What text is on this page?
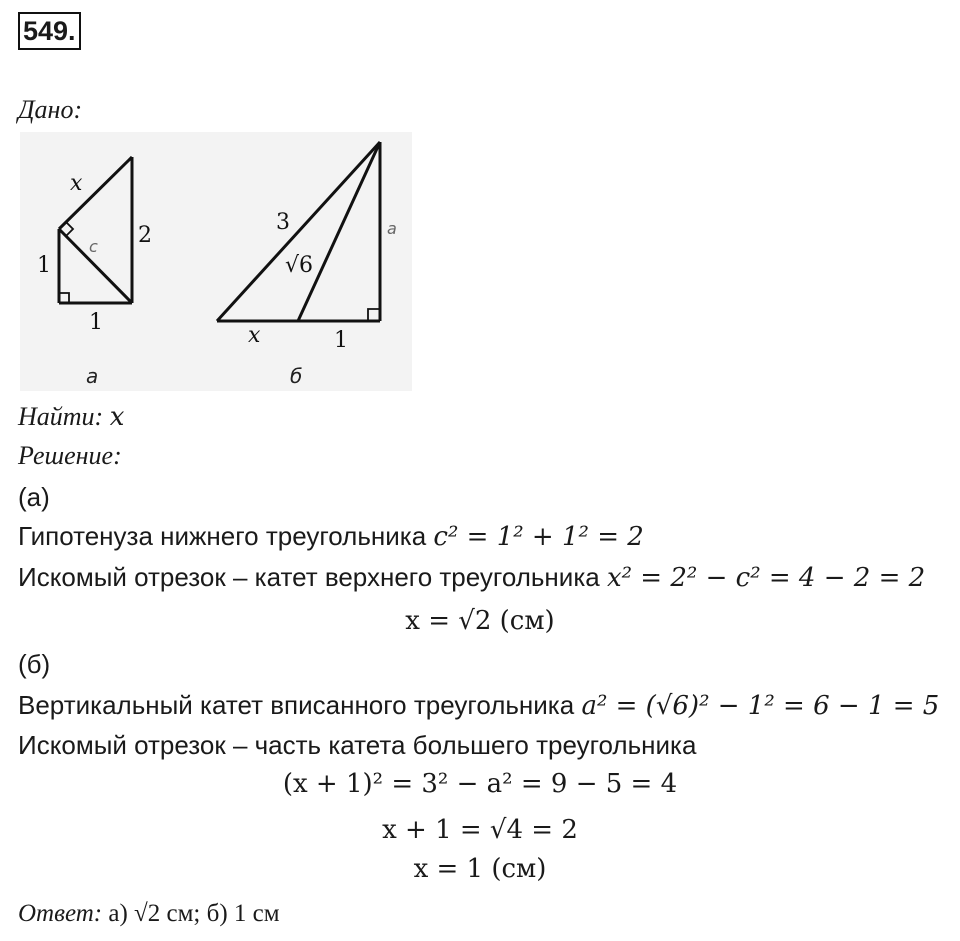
549.
Дано:
x
2
c
1
1
а
3
√6
a
x	1
б
Найти: x
Решение:
(а)
Гипотенуза нижнего треугольника c² = 1² + 1² = 2
Искомый отрезок – катет верхнего треугольника x² = 2² − c² = 4 − 2 = 2
x = √2 (см)
(б)
Вертикальный катет вписанного треугольника a² = (√6)² − 1² = 6 − 1 = 5
Искомый отрезок – часть катета большего треугольника
(x + 1)² = 3² − a² = 9 − 5 = 4
x + 1 = √4 = 2
x = 1 (см)
Ответ: а) √2 см; б) 1 см
